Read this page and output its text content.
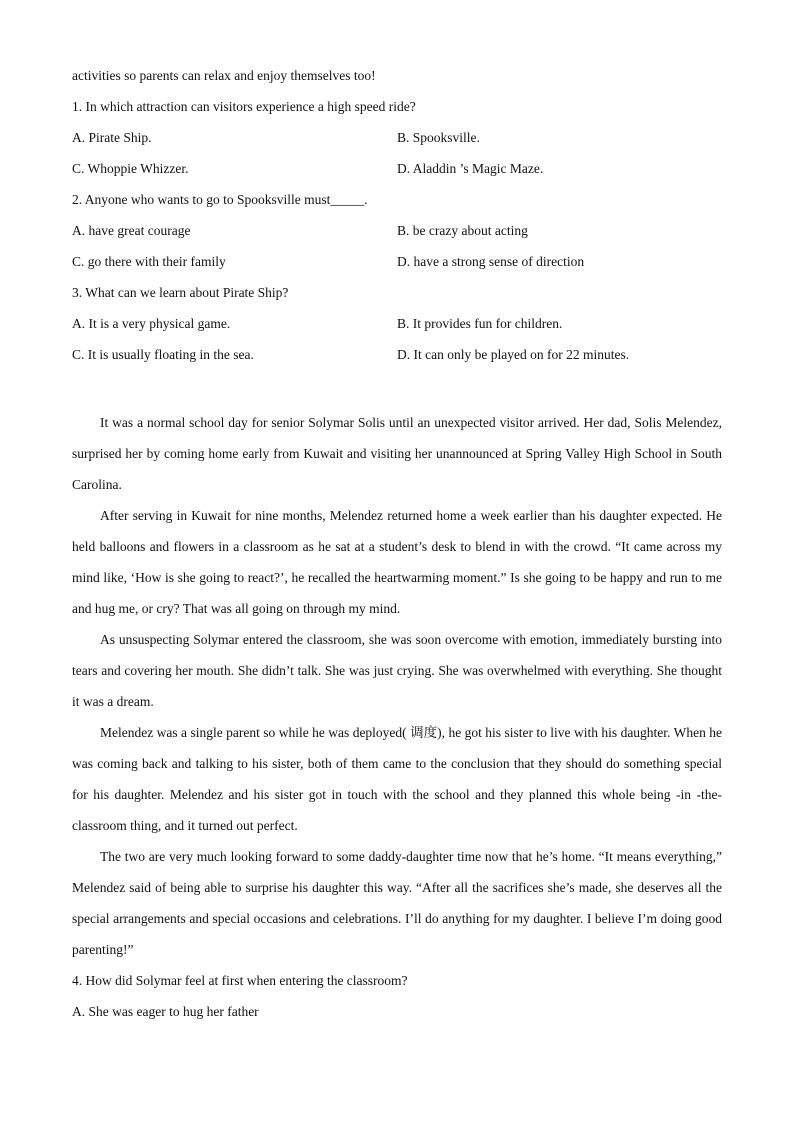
activities so parents can relax and enjoy themselves too!
1. In which attraction can visitors experience a high speed ride?
A. Pirate Ship.	B. Spooksville.
C. Whoppie Whizzer.	D. Aladdin ’s Magic Maze.
2. Anyone who wants to go to Spooksville must_____.
A. have great courage	B. be crazy about acting
C. go there with their family	D. have a strong sense of direction
3. What can we learn about Pirate Ship?
A. It is a very physical game.	B. It provides fun for children.
C. It is usually floating in the sea.	D. It can only be played on for 22 minutes.

It was a normal school day for senior Solymar Solis until an unexpected visitor arrived. Her dad, Solis Melendez, surprised her by coming home early from Kuwait and visiting her unannounced at Spring Valley High School in South Carolina.

After serving in Kuwait for nine months, Melendez returned home a week earlier than his daughter expected. He held balloons and flowers in a classroom as he sat at a student’s desk to blend in with the crowd. “It came across my mind like, ‘How is she going to react?’, he recalled the heartwarming moment.” Is she going to be happy and run to me and hug me, or cry? That was all going on through my mind.

As unsuspecting Solymar entered the classroom, she was soon overcome with emotion, immediately bursting into tears and covering her mouth. She didn’t talk. She was just crying. She was overwhelmed with everything. She thought it was a dream.

Melendez was a single parent so while he was deployed( 调度), he got his sister to live with his daughter. When he was coming back and talking to his sister, both of them came to the conclusion that they should do something special for his daughter. Melendez and his sister got in touch with the school and they planned this whole being -in -the-classroom thing, and it turned out perfect.

The two are very much looking forward to some daddy-daughter time now that he’s home. “It means everything,” Melendez said of being able to surprise his daughter this way. “After all the sacrifices she’s made, she deserves all the special arrangements and special occasions and celebrations. I’ll do anything for my daughter. I believe I’m doing good parenting!”

4. How did Solymar feel at first when entering the classroom?

A. She was eager to hug her father
